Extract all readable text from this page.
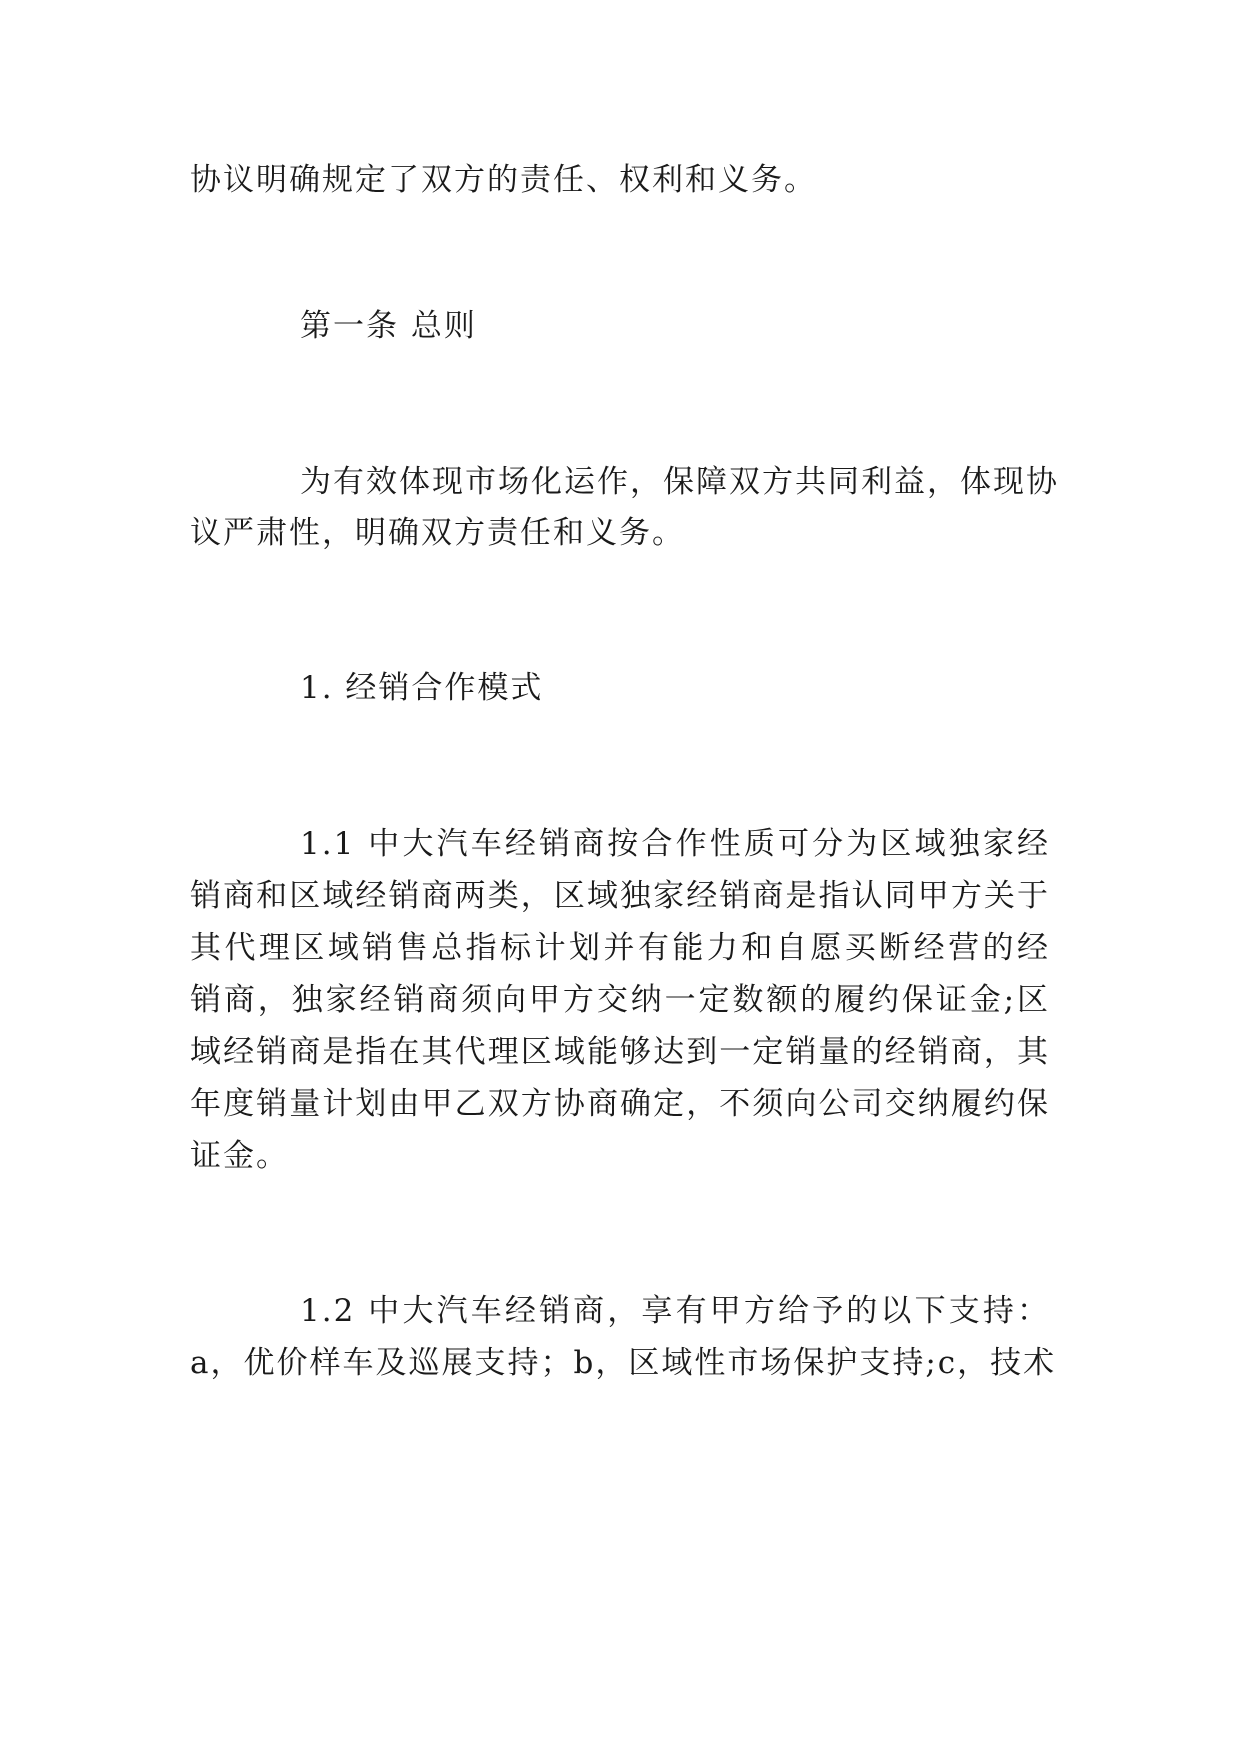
协议明确规定了双方的责任、权利和义务。
第一条 总则
为有效体现市场化运作，保障双方共同利益，体现协
议严肃性，明确双方责任和义务。
1. 经销合作模式
1.1 中大汽车经销商按合作性质可分为区域独家经
销商和区域经销商两类，区域独家经销商是指认同甲方关于
其代理区域销售总指标计划并有能力和自愿买断经营的经
销商，独家经销商须向甲方交纳一定数额的履约保证金;区
域经销商是指在其代理区域能够达到一定销量的经销商，其
年度销量计划由甲乙双方协商确定，不须向公司交纳履约保
证金。
1.2 中大汽车经销商，享有甲方给予的以下支持：
a，优价样车及巡展支持；b，区域性市场保护支持;c，技术
